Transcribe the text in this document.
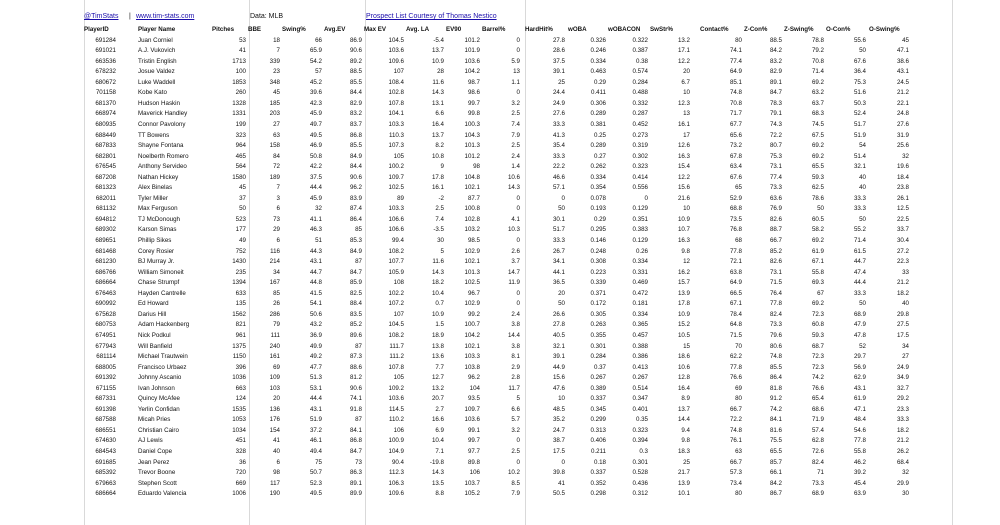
@TimStats | www.tim-stats.com	Data: MLB	Prospect List Courtesy of Thomas Nestico
PlayerID	Player Name	Pitches	BBE	Swing%	Avg.EV	Max EV	Avg. LA	EV90	Barrel%	HardHit%	wOBA	wOBACON	SwStr%	Contact%	Z-Con%	Z-Swing%	O-Con%	O-Swing%
691284	Juan Corniel	53	18	66	86.9	104.5	-5.4	101.2	0	27.8	0.326	0.322	13.2	80	88.5	78.8	55.6	45
691021	A.J. Vukovich	41	7	65.9	90.6	103.6	13.7	101.9	0	28.6	0.246	0.387	17.1	74.1	84.2	79.2	50	47.1
663536	Tristin English	1713	339	54.2	89.2	109.6	10.9	103.6	5.9	37.5	0.334	0.38	12.2	77.4	83.2	70.8	67.6	38.6
678232	Josue Valdez	100	23	57	88.5	107	28	104.2	13	39.1	0.463	0.574	20	64.9	82.9	71.4	36.4	43.1
680672	Luke Waddell	1853	348	45.2	85.5	108.4	11.6	98.7	1.1	25	0.29	0.284	6.7	85.1	89.1	69.2	75.3	24.5
701158	Kobe Kato	260	45	39.6	84.4	102.8	14.3	98.6	0	24.4	0.411	0.488	10	74.8	84.7	63.2	51.6	21.2
681370	Hudson Haskin	1328	185	42.3	82.9	107.8	13.1	99.7	3.2	24.9	0.306	0.332	12.3	70.8	78.3	63.7	50.3	22.1
668974	Maverick Handley	1331	203	45.9	83.2	104.1	6.6	99.8	2.5	27.6	0.289	0.287	13	71.7	79.1	68.3	52.4	24.8
680935	Connor Pavolony	199	27	49.7	83.7	103.3	16.4	100.3	7.4	33.3	0.381	0.452	16.1	67.7	74.3	74.5	51.7	27.6
688449	TT Bowens	323	63	49.5	86.8	110.3	13.7	104.3	7.9	41.3	0.25	0.273	17	65.6	72.2	67.5	51.9	31.9
687833	Shayne Fontana	964	158	46.9	85.5	107.3	8.2	101.3	2.5	35.4	0.289	0.319	12.6	73.2	80.7	69.2	54	25.6
682801	Noelberth Romero	465	84	50.8	84.9	105	10.8	101.2	2.4	33.3	0.27	0.302	16.3	67.8	75.3	69.2	51.4	32
676545	Anthony Servideo	564	72	42.2	84.4	100.2	9	98	1.4	22.2	0.262	0.323	15.4	63.4	73.1	65.5	32.1	19.6
687208	Nathan Hickey	1580	189	37.5	90.6	109.7	17.8	104.8	10.6	46.6	0.334	0.414	12.2	67.6	77.4	59.3	40	18.4
681323	Alex Binelas	45	7	44.4	96.2	102.5	16.1	102.1	14.3	57.1	0.354	0.556	15.6	65	73.3	62.5	40	23.8
682011	Tyler Miller	37	3	45.9	83.9	89	-2	87.7	0	0	0.078	0	21.6	52.9	63.6	78.6	33.3	26.1
681132	Max Ferguson	50	6	32	87.4	103.3	2.5	100.8	0	50	0.193	0.129	10	68.8	76.9	50	33.3	12.5
694812	TJ McDonough	523	73	41.1	86.4	106.6	7.4	102.8	4.1	30.1	0.29	0.351	10.9	73.5	82.6	60.5	50	22.5
689302	Karson Simas	177	29	46.3	85	106.6	-3.5	103.2	10.3	51.7	0.295	0.383	10.7	76.8	88.7	58.2	55.2	33.7
689651	Phillip Sikes	49	6	51	85.3	99.4	30	98.5	0	33.3	0.146	0.129	16.3	68	66.7	69.2	71.4	30.4
681468	Corey Rosier	752	116	44.3	84.9	108.2	5	102.9	2.6	26.7	0.248	0.26	9.8	77.8	85.2	61.9	61.5	27.2
681230	BJ Murray Jr.	1430	214	43.1	87	107.7	11.6	102.1	3.7	34.1	0.308	0.334	12	72.1	82.6	67.1	44.7	22.3
686766	William Simoneit	235	34	44.7	84.7	105.9	14.3	101.3	14.7	44.1	0.223	0.331	16.2	63.8	73.1	55.8	47.4	33
686664	Chase Strumpf	1394	167	44.8	85.9	108	18.2	102.5	11.9	36.5	0.339	0.469	15.7	64.9	71.5	69.3	44.4	21.2
676463	Hayden Cantrelle	633	85	41.5	82.5	102.2	10.4	96.7	0	20	0.371	0.472	13.9	66.5	76.4	67	33.3	18.2
690992	Ed Howard	135	26	54.1	88.4	107.2	0.7	102.9	0	50	0.172	0.181	17.8	67.1	77.8	69.2	50	40
675628	Darius Hill	1562	286	50.6	83.5	107	10.9	99.2	2.4	26.6	0.305	0.334	10.9	78.4	82.4	72.3	68.9	29.8
680753	Adam Hackenberg	821	79	43.2	85.2	104.5	1.5	100.7	3.8	27.8	0.263	0.365	15.2	64.8	73.3	60.8	47.9	27.5
674951	Nick Podkul	961	111	36.9	89.6	108.2	18.9	104.2	14.4	40.5	0.355	0.457	10.5	71.5	79.6	59.3	47.8	17.5
677943	Will Banfield	1375	240	49.9	87	111.7	13.8	102.1	3.8	32.1	0.301	0.388	15	70	80.6	68.7	52	34
681114	Michael Trautwein	1150	161	49.2	87.3	111.2	13.6	103.3	8.1	39.1	0.284	0.386	18.6	62.2	74.8	72.3	29.7	27
688005	Francisco Urbaez	396	69	47.7	88.6	107.8	7.7	103.8	2.9	44.9	0.37	0.413	10.6	77.8	85.5	72.3	56.9	24.9
691392	Johnny Ascanio	1036	109	51.3	81.2	105	12.7	96.2	2.8	15.6	0.267	0.267	12.8	76.6	86.4	74.2	62.9	34.9
671155	Ivan Johnson	663	103	53.1	90.6	109.2	13.2	104	11.7	47.6	0.389	0.514	16.4	69	81.8	76.6	43.1	32.7
687331	Quincy McAfee	124	20	44.4	74.1	103.6	20.7	93.5	5	10	0.337	0.347	8.9	80	91.2	65.4	61.9	29.2
691398	Yerlin Confidan	1535	136	43.1	91.8	114.5	2.7	109.7	6.6	48.5	0.345	0.401	13.7	66.7	74.2	68.6	47.1	23.3
687588	Micah Pries	1053	176	51.9	87	110.2	16.6	103.6	5.7	35.2	0.299	0.35	14.4	72.2	84.1	71.9	48.4	33.3
686551	Christian Cairo	1034	154	37.2	84.1	106	6.9	99.1	3.2	24.7	0.313	0.323	9.4	74.8	81.6	57.4	54.6	18.2
674630	AJ Lewis	451	41	46.1	86.8	100.9	10.4	99.7	0	38.7	0.406	0.394	9.8	76.1	75.5	62.8	77.8	21.2
684543	Daniel Cope	328	40	49.4	84.7	104.9	7.1	97.7	2.5	17.5	0.211	0.3	18.3	63	65.5	72.6	55.8	26.2
691685	Jean Perez	36	6	75	73	90.4	-19.8	89.8	0	0	0.18	0.301	25	66.7	85.7	82.4	46.2	68.4
685392	Trevor Boone	720	98	50.7	86.3	112.3	14.3	106	10.2	39.8	0.337	0.528	21.7	57.3	66.1	71	39.2	32
679663	Stephen Scott	669	117	52.3	89.1	106.3	13.5	103.7	8.5	41	0.352	0.436	13.9	73.4	84.2	73.3	45.4	29.9
686664	Eduardo Valencia	1006	190	49.5	89.9	109.6	8.8	105.2	7.9	50.5	0.298	0.312	10.1	80	86.7	68.9	63.9	30
